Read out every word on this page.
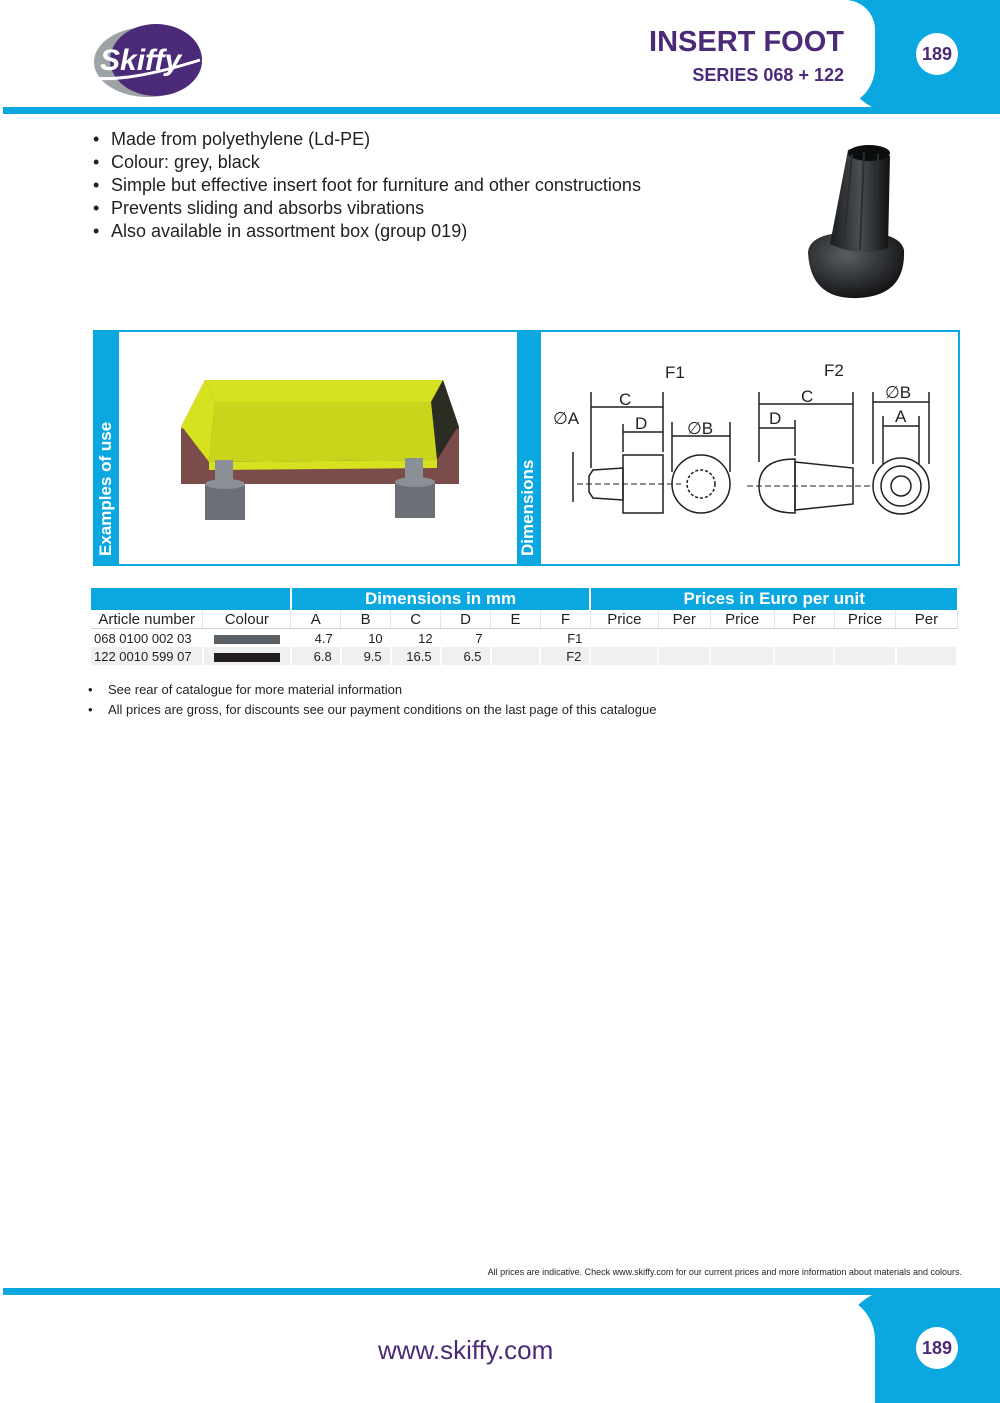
Skiffy
INSERT FOOT
SERIES 068 + 122
189
• Made from polyethylene (Ld-PE)
• Colour: grey, black
• Simple but effective insert foot for furniture and other constructions
• Prevents sliding and absorbs vibrations
• Also available in assortment box (group 019)
Examples of use	Dimensions
F1	F2
∅A
C
D ∅B
C
D
∅B
A
		Dimensions in mm						Prices in Euro per unit					
Article number	Colour	A	B	C	D	E	F	Price	Per	Price	Per	Price	Per
068 0100 002 03		4.7	10	12	7		F1						
122 0010 599 07		6.8	9.5	16.5	6.5		F2						
• See rear of catalogue for more material information
• All prices are gross, for discounts see our payment conditions on the last page of this catalogue
All prices are indicative. Check www.skiffy.com for our current prices and more information about materials and colours.
www.skiffy.com	189
